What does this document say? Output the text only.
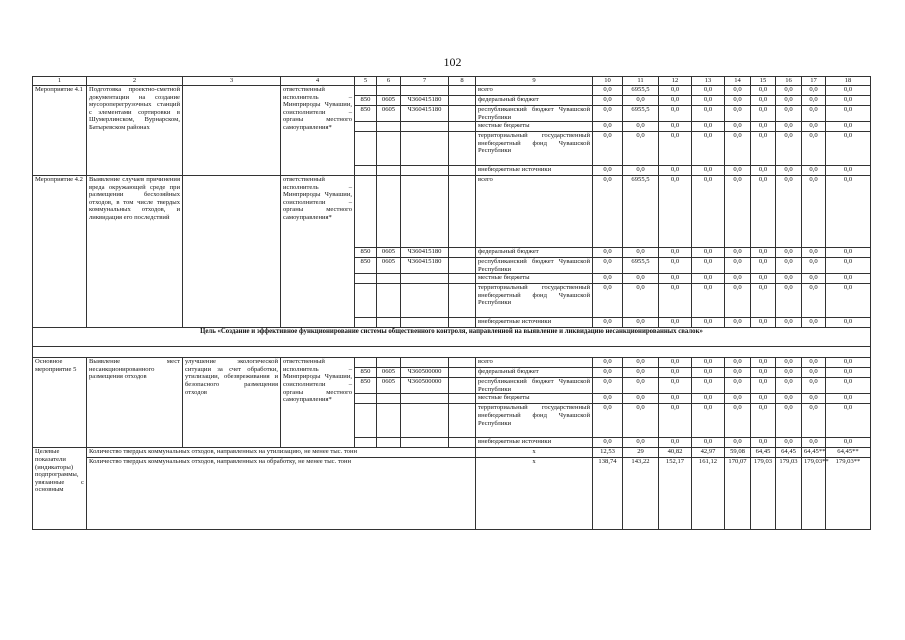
102
1	2	3	4	5	6	7	8	9	10	11	12	13	14	15	16	17	18
Мероприятие 4.1	Подготовка проектно-сметной документации на создание мусороперегрузочных станций с элементами сортировки в Шумерлинском, Вурнарском, Батыревском районах		ответственный исполнитель – Минприроды Чувашии, соисполнители – органы местного самоуправления*					всего	0,0	6955,5	0,0	0,0	0,0	0,0	0,0	0,0	0,0
				850	0605	Ч360415180		федеральный бюджет	0,0	0,0	0,0	0,0	0,0	0,0	0,0	0,0	0,0
				850	0605	Ч360415180		республиканский бюджет Чувашской Республики	0,0	6955,5	0,0	0,0	0,0	0,0	0,0	0,0	0,0
								местные бюджеты	0,0	0,0	0,0	0,0	0,0	0,0	0,0	0,0	0,0
								территориальный государственный внебюджетный фонд Чувашской Республики	0,0	0,0	0,0	0,0	0,0	0,0	0,0	0,0	0,0
								внебюджетные источники	0,0	0,0	0,0	0,0	0,0	0,0	0,0	0,0	0,0
Мероприятие 4.2	Выявление случаев причинения вреда окружающей среде при размещении бесхозяйных отходов, в том числе твердых коммунальных отходов, и ликвидация его последствий		ответственный исполнитель – Минприроды Чувашии, соисполнители – органы местного самоуправления*					всего	0,0	6955,5	0,0	0,0	0,0	0,0	0,0	0,0	0,0
				850	0605	Ч360415180		федеральный бюджет	0,0	0,0	0,0	0,0	0,0	0,0	0,0	0,0	0,0
				850	0605	Ч360415180		республиканский бюджет Чувашской Республики	0,0	6955,5	0,0	0,0	0,0	0,0	0,0	0,0	0,0
								местные бюджеты	0,0	0,0	0,0	0,0	0,0	0,0	0,0	0,0	0,0
								территориальный государственный внебюджетный фонд Чувашской Республики	0,0	0,0	0,0	0,0	0,0	0,0	0,0	0,0	0,0
								внебюджетные источники	0,0	0,0	0,0	0,0	0,0	0,0	0,0	0,0	0,0
Цель «Создание и эффективное функционирование системы общественного контроля, направленной на выявление и ликвидацию несанкционированных свалок»																	

Основное мероприятие 5	Выявление мест несанкционированного размещения отходов	улучшение экологической ситуации за счет обработки, утилизации, обезвреживания и безопасного размещения отходов	ответственный исполнитель – Минприроды Чувашии, соисполнители – органы местного самоуправления*					всего	0,0	0,0	0,0	0,0	0,0	0,0	0,0	0,0	0,0
				850	0605	Ч360500000		федеральный бюджет	0,0	0,0	0,0	0,0	0,0	0,0	0,0	0,0	0,0
				850	0605	Ч360500000		республиканский бюджет Чувашской Республики	0,0	0,0	0,0	0,0	0,0	0,0	0,0	0,0	0,0
								местные бюджеты	0,0	0,0	0,0	0,0	0,0	0,0	0,0	0,0	0,0
								территориальный государственный внебюджетный фонд Чувашской Республики	0,0	0,0	0,0	0,0	0,0	0,0	0,0	0,0	0,0
								внебюджетные источники	0,0	0,0	0,0	0,0	0,0	0,0	0,0	0,0	0,0
Целевые показатели (индикаторы) подпрограммы, увязанные с основным	Количество твердых коммунальных отходов, направленных на утилизацию, не менее тыс. тонн							x	12,53	29	40,82	42,97	59,08	64,45	64,45	64,45**	64,45**
	Количество твердых коммунальных отходов, направленных на обработку, не менее тыс. тонн							x	138,74	143,22	152,17	161,12	170,07	179,03	179,03	179,03**	179,03**
